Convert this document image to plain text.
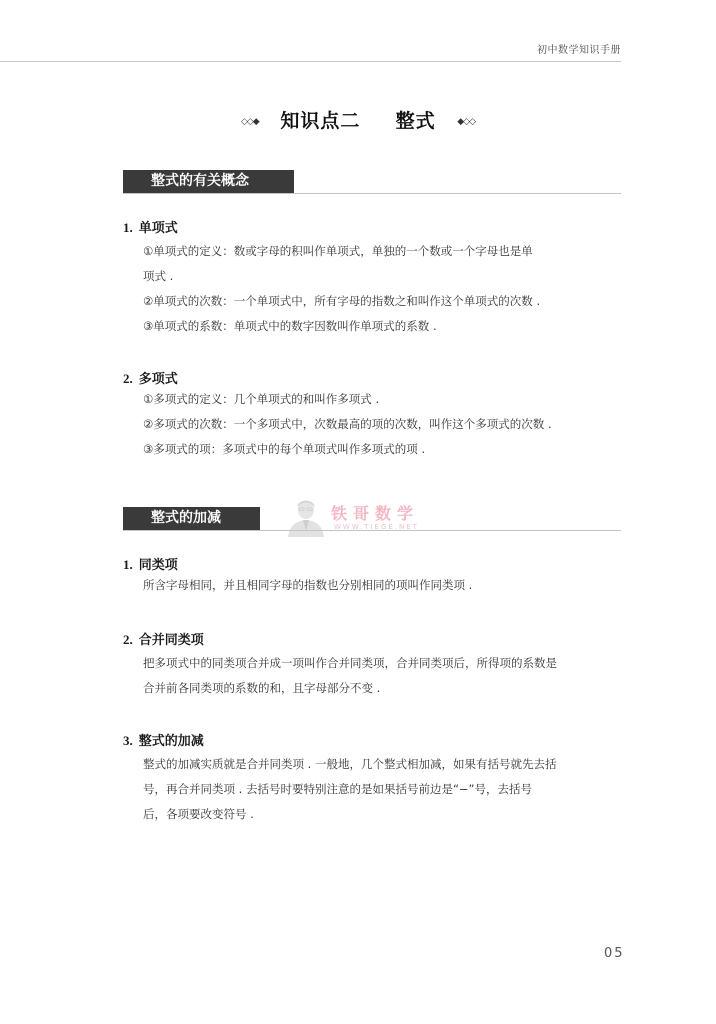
初中数学知识手册
◇◇◆ 知识点二 整式 ◆◇◇
整式的有关概念
1. 单项式
①单项式的定义：数或字母的积叫作单项式，单独的一个数或一个字母也是单
项式 .
②单项式的次数：一个单项式中，所有字母的指数之和叫作这个单项式的次数 .
③单项式的系数：单项式中的数字因数叫作单项式的系数 .
2. 多项式
①多项式的定义：几个单项式的和叫作多项式 .
②多项式的次数：一个多项式中，次数最高的项的次数，叫作这个多项式的次数 .
③多项式的项：多项式中的每个单项式叫作多项式的项 .
铁哥数学
WWW.TIEGE.NET
整式的加减
1. 同类项
所含字母相同，并且相同字母的指数也分别相同的项叫作同类项 .
2. 合并同类项
把多项式中的同类项合并成一项叫作合并同类项，合并同类项后，所得项的系数是
合并前各同类项的系数的和，且字母部分不变 .
3. 整式的加减
整式的加减实质就是合并同类项 . 一般地，几个整式相加减，如果有括号就先去括
号，再合并同类项 . 去括号时要特别注意的是如果括号前边是“−”号，去括号
后，各项要改变符号 .
05
